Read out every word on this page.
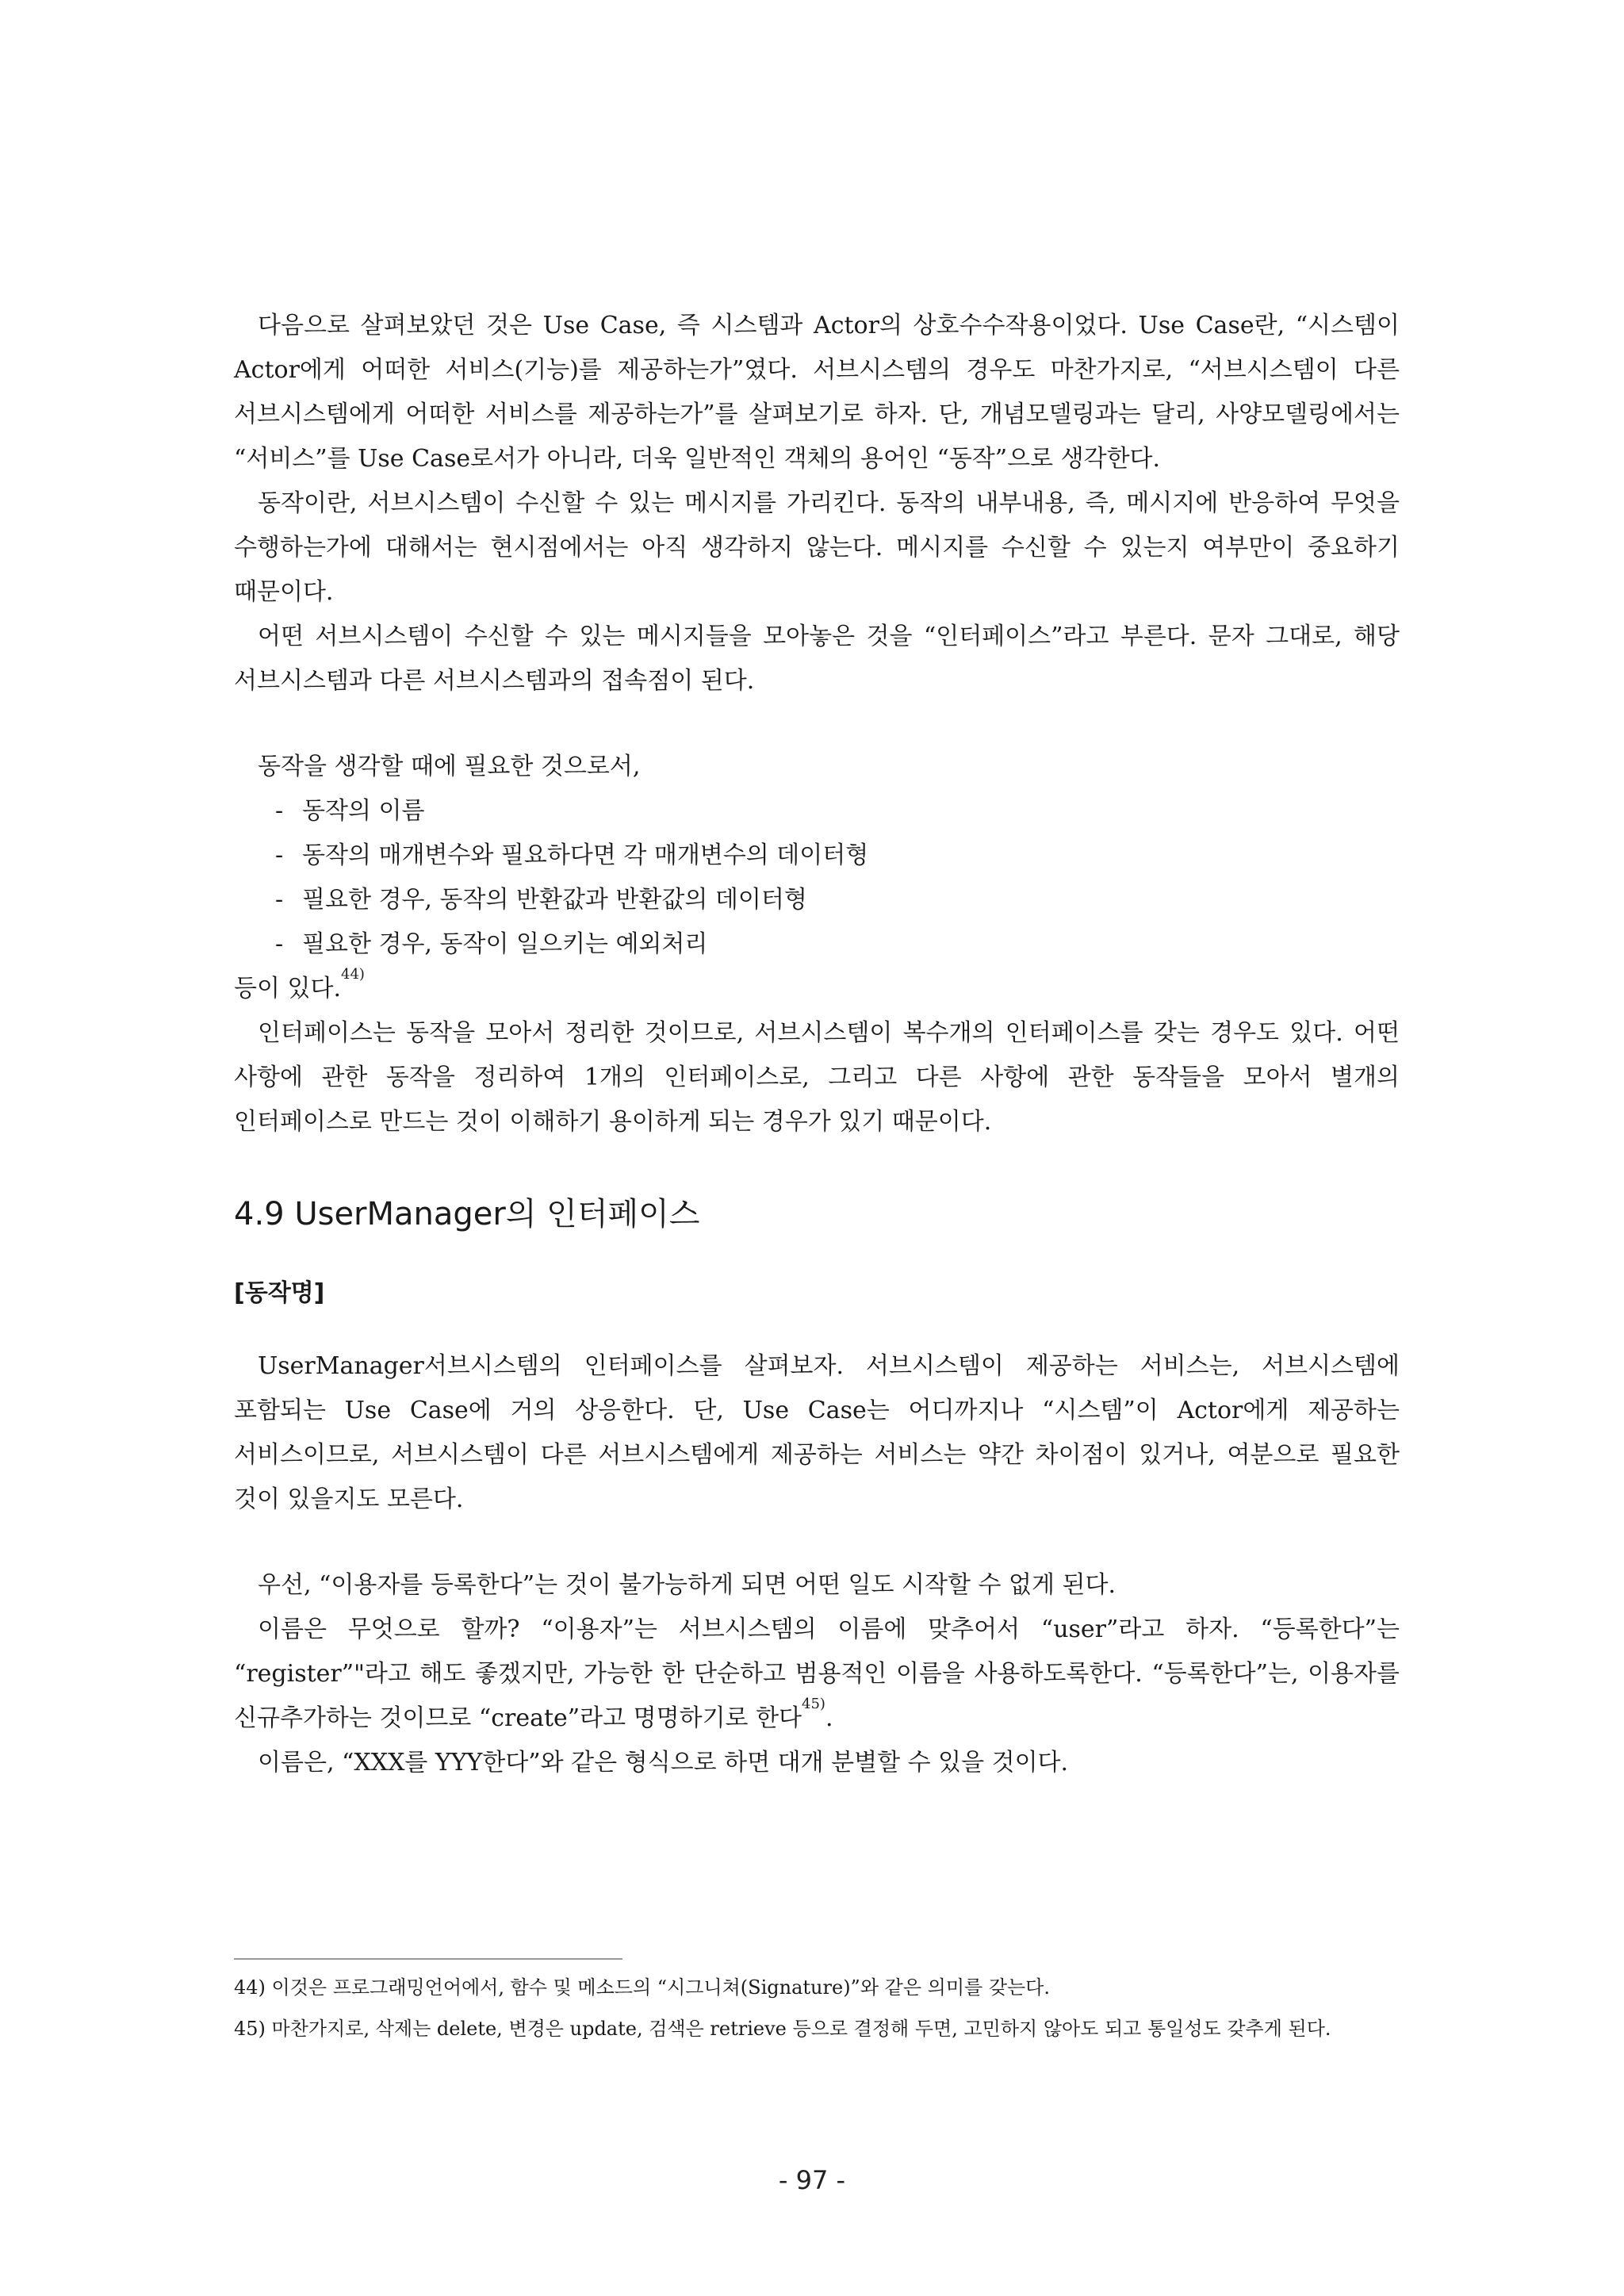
다음으로 살펴보았던 것은 Use Case, 즉 시스템과 Actor의 상호수수작용이었다. Use Case란, “시스템이 Actor에게 어떠한 서비스(기능)를 제공하는가”였다. 서브시스템의 경우도 마찬가지로, “서브시스템이 다른 서브시스템에게 어떠한 서비스를 제공하는가”를 살펴보기로 하자. 단, 개념모델링과는 달리, 사양모델링에서는 “서비스”를 Use Case로서가 아니라, 더욱 일반적인 객체의 용어인 “동작”으로 생각한다.

동작이란, 서브시스템이 수신할 수 있는 메시지를 가리킨다. 동작의 내부내용, 즉, 메시지에 반응하여 무엇을 수행하는가에 대해서는 현시점에서는 아직 생각하지 않는다. 메시지를 수신할 수 있는지 여부만이 중요하기 때문이다.

어떤 서브시스템이 수신할 수 있는 메시지들을 모아놓은 것을 “인터페이스”라고 부른다. 문자 그대로, 해당 서브시스템과 다른 서브시스템과의 접속점이 된다.

동작을 생각할 때에 필요한 것으로서,

- 동작의 이름
- 동작의 매개변수와 필요하다면 각 매개변수의 데이터형
- 필요한 경우, 동작의 반환값과 반환값의 데이터형
- 필요한 경우, 동작이 일으키는 예외처리

등이 있다.$^{44)}$

인터페이스는 동작을 모아서 정리한 것이므로, 서브시스템이 복수개의 인터페이스를 갖는 경우도 있다. 어떤 사항에 관한 동작을 정리하여 1개의 인터페이스로, 그리고 다른 사항에 관한 동작들을 모아서 별개의 인터페이스로 만드는 것이 이해하기 용이하게 되는 경우가 있기 때문이다.

4.9 UserManager의 인터페이스
[동작명]

UserManager서브시스템의 인터페이스를 살펴보자. 서브시스템이 제공하는 서비스는, 서브시스템에 포함되는 Use Case에 거의 상응한다. 단, Use Case는 어디까지나 “시스템”이 Actor에게 제공하는 서비스이므로, 서브시스템이 다른 서브시스템에게 제공하는 서비스는 약간 차이점이 있거나, 여분으로 필요한 것이 있을지도 모른다.

우선, “이용자를 등록한다”는 것이 불가능하게 되면 어떤 일도 시작할 수 없게 된다.

이름은 무엇으로 할까? “이용자”는 서브시스템의 이름에 맞추어서 “user”라고 하자. “등록한다”는 “register”"라고 해도 좋겠지만, 가능한 한 단순하고 범용적인 이름을 사용하도록한다. “등록한다”는, 이용자를 신규추가하는 것이므로 “create”라고 명명하기로 한다$^{45)}$.

이름은, “XXX를 YYY한다”와 같은 형식으로 하면 대개 분별할 수 있을 것이다.

44) 이것은 프로그래밍언어에서, 함수 및 메소드의 “시그니쳐(Signature)”와 같은 의미를 갖는다.

45) 마찬가지로, 삭제는 delete, 변경은 update, 검색은 retrieve 등으로 결정해 두면, 고민하지 않아도 되고 통일성도 갖추게 된다.

- 97 -
